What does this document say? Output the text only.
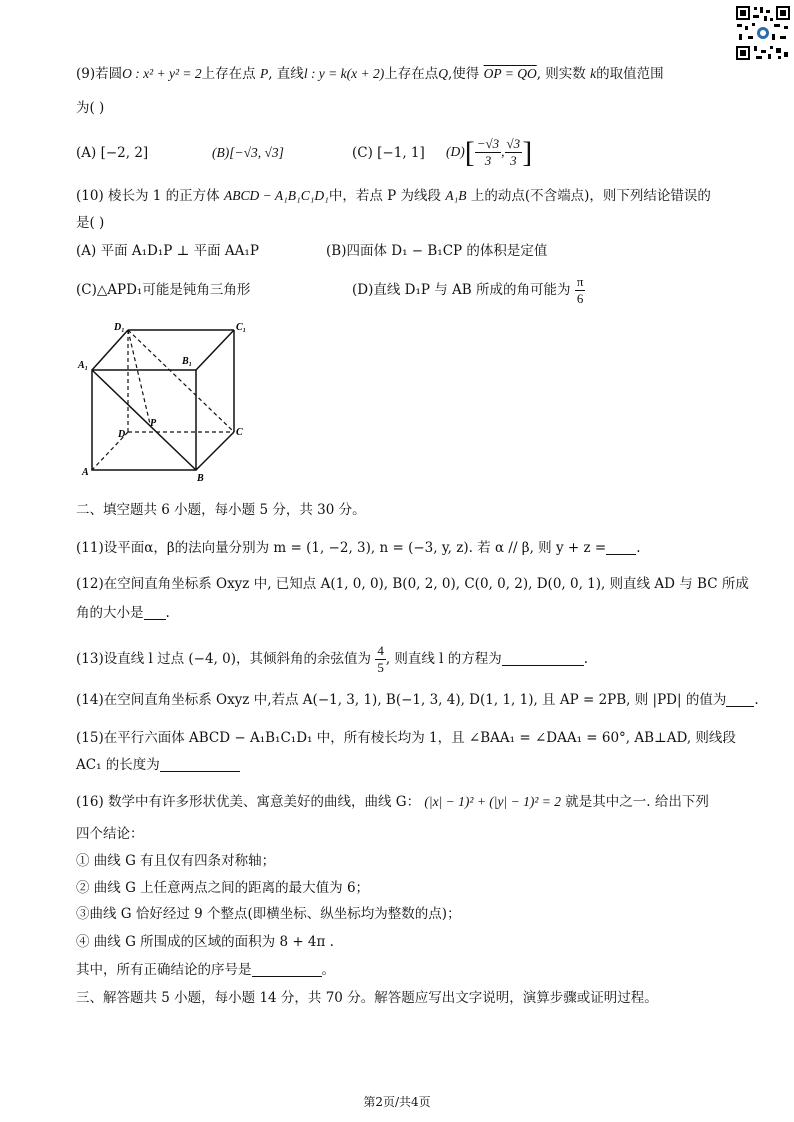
(9)若圆O : x² + y² = 2上存在点 P, 直线l : y = k(x + 2)上存在点Q,使得 OP = QO, 则实数 k的取值范围
为( )
(A) [−2, 2]	(B)[−√3, √3]	(C) [−1, 1] $(D)[ \frac{-√3}{3}$ , $\frac{√3}{3}$ ]
(10) 棱长为 1 的正方体 ABCD − A₁B₁C₁D₁中，若点 P 为线段 A₁B 上的动点(不含端点)，则下列结论错误的
是( )
(A) 平面 A₁D₁P ⊥ 平面 AA₁P	(B)四面体 D₁ − B₁CP 的体积是定值
(C)△APD₁可能是钝角三角形	(D)直线 D₁P 与 AB 所成的角可能为 $\frac{\pi}{6}$
D₁	C₁
A₁	B₁
D
P
C
A
B
二、填空题共 6 小题，每小题 5 分，共 30 分。
(11)设平面α，β的法向量分别为 m = (1, −2, 3), n = (−3, y, z). 若 α // β, 则 y + z = .
(12)在空间直角坐标系 Oxyz 中, 已知点 A(1, 0, 0), B(0, 2, 0), C(0, 0, 2), D(0, 0, 1), 则直线 AD 与 BC 所成
角的大小是 .
(13)设直线 l 过点 (−4, 0)，其倾斜角的余弦值为 $\frac{4}{5}$ , 则直线 l 的方程为	.
(14)在空间直角坐标系 Oxyz 中,若点 A(−1, 3, 1), B(−1, 3, 4), D(1, 1, 1), 且 AP = 2PB, 则 |PD| 的值为 .
(15)在平行六面体 ABCD − A₁B₁C₁D₁ 中，所有棱长均为 1，且 ∠BAA₁ = ∠DAA₁ = 60°, AB⊥AD, 则线段
AC₁ 的长度为
(16) 数学中有许多形状优美、寓意美好的曲线，曲线 G： (|x| − 1)² + (|y| − 1)² = 2 就是其中之一. 给出下列
四个结论：
① 曲线 G 有且仅有四条对称轴；
② 曲线 G 上任意两点之间的距离的最大值为 6；
③曲线 G 恰好经过 9 个整点(即横坐标、纵坐标均为整数的点)；
④ 曲线 G 所围成的区域的面积为 8 + 4π .
其中，所有正确结论的序号是	。
三、解答题共 5 小题，每小题 14 分，共 70 分。解答题应写出文字说明，演算步骤或证明过程。
第2页/共4页
